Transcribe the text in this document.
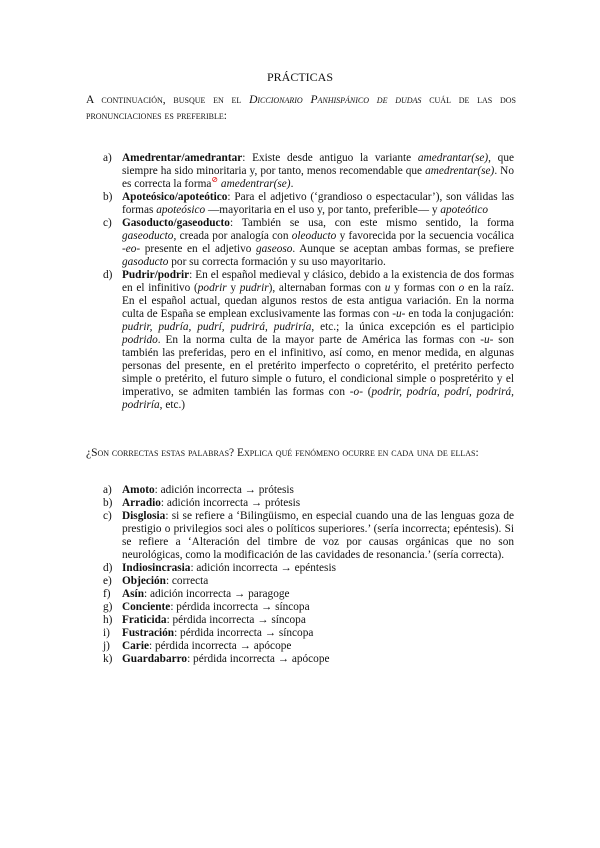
PRÁCTICAS
A continuación, busque en el Diccionario Panhispánico de dudas cuál de las dos pronunciaciones es preferible:
a) Amedrentar/amedrantar: Existe desde antiguo la variante amedrantar(se), que siempre ha sido minoritaria y, por tanto, menos recomendable que amedrentar(se). No es correcta la forma⊘ amedentrar(se).
b) Apoteósico/apoteótico: Para el adjetivo (‘grandioso o espectacular’), son válidas las formas apoteósico —mayoritaria en el uso y, por tanto, preferible— y apoteótico
c) Gasoducto/gaseoducto: También se usa, con este mismo sentido, la forma gaseoducto, creada por analogía con oleoducto y favorecida por la secuencia vocálica -eo- presente en el adjetivo gaseoso. Aunque se aceptan ambas formas, se prefiere gasoducto por su correcta formación y su uso mayoritario.
d) Pudrir/podrir: En el español medieval y clásico, debido a la existencia de dos formas en el infinitivo (podrir y pudrir), alternaban formas con u y formas con o en la raíz. En el español actual, quedan algunos restos de esta antigua variación. En la norma culta de España se emplean exclusivamente las formas con -u- en toda la conjugación: pudrir, pudría, pudrí, pudrirá, pudriría, etc.; la única excepción es el participio podrido. En la norma culta de la mayor parte de América las formas con -u- son también las preferidas, pero en el infinitivo, así como, en menor medida, en algunas personas del presente, en el pretérito imperfecto o copretérito, el pretérito perfecto simple o pretérito, el futuro simple o futuro, el condicional simple o pospretérito y el imperativo, se admiten también las formas con -o- (podrir, podría, podrí, podrirá, podriría, etc.)
¿Son correctas estas palabras? Explica qué fenómeno ocurre en cada una de ellas:
a) Amoto: adición incorrecta → prótesis
b) Arradio: adición incorrecta → prótesis
c) Disglosia: si se refiere a ‘Bilingüismo, en especial cuando una de las lenguas goza de prestigio o privilegios soci ales o políticos superiores.’ (sería incorrecta; epéntesis). Si se refiere a ‘Alteración del timbre de voz por causas orgánicas que no son neurológicas, como la modificación de las cavidades de resonancia.’ (sería correcta).
d) Indiosincrasia: adición incorrecta → epéntesis
e) Objeción: correcta
f) Asín: adición incorrecta → paragoge
g) Conciente: pérdida incorrecta → síncopa
h) Fraticida: pérdida incorrecta → síncopa
i) Fustración: pérdida incorrecta → síncopa
j) Carie: pérdida incorrecta → apócope
k) Guardabarro: pérdida incorrecta → apócope
